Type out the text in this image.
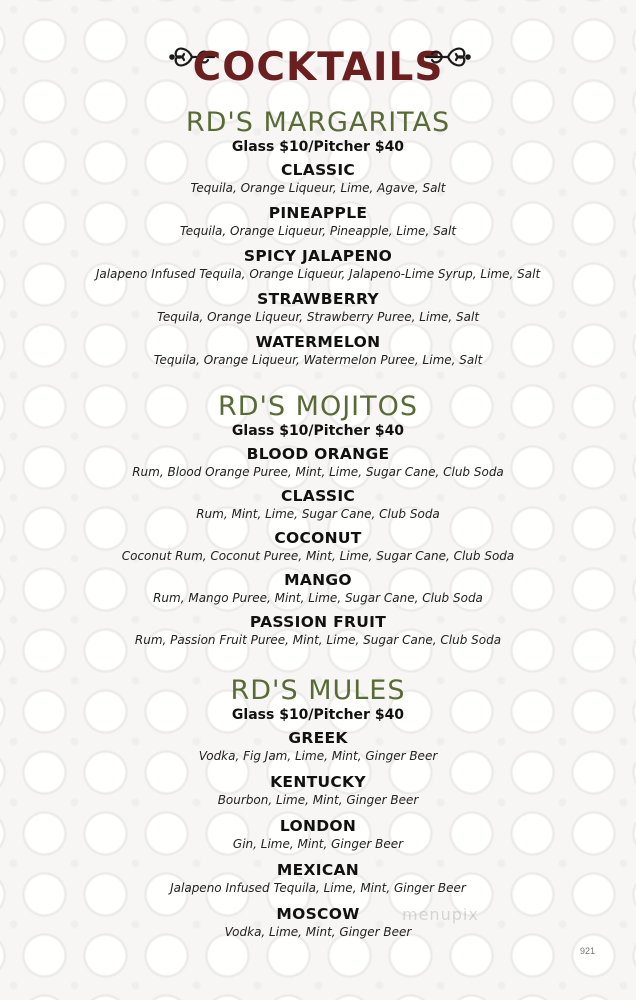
COCKTAILS
RD'S MARGARITAS
Glass $10/Pitcher $40
CLASSIC
Tequila, Orange Liqueur, Lime, Agave, Salt
PINEAPPLE
Tequila, Orange Liqueur, Pineapple, Lime, Salt
SPICY JALAPENO
Jalapeno Infused Tequila, Orange Liqueur, Jalapeno-Lime Syrup, Lime, Salt
STRAWBERRY
Tequila, Orange Liqueur, Strawberry Puree, Lime, Salt
WATERMELON
Tequila, Orange Liqueur, Watermelon Puree, Lime, Salt
RD'S MOJITOS
Glass $10/Pitcher $40
BLOOD ORANGE
Rum, Blood Orange Puree, Mint, Lime, Sugar Cane, Club Soda
CLASSIC
Rum, Mint, Lime, Sugar Cane, Club Soda
COCONUT
Coconut Rum, Coconut Puree, Mint, Lime, Sugar Cane, Club Soda
MANGO
Rum, Mango Puree, Mint, Lime, Sugar Cane, Club Soda
PASSION FRUIT
Rum, Passion Fruit Puree, Mint, Lime, Sugar Cane, Club Soda
RD'S MULES
Glass $10/Pitcher $40
GREEK
Vodka, Fig Jam, Lime, Mint, Ginger Beer
KENTUCKY
Bourbon, Lime, Mint, Ginger Beer
LONDON
Gin, Lime, Mint, Ginger Beer
MEXICAN
Jalapeno Infused Tequila, Lime, Mint, Ginger Beer
MOSCOW
Vodka, Lime, Mint, Ginger Beer
menupix
921
